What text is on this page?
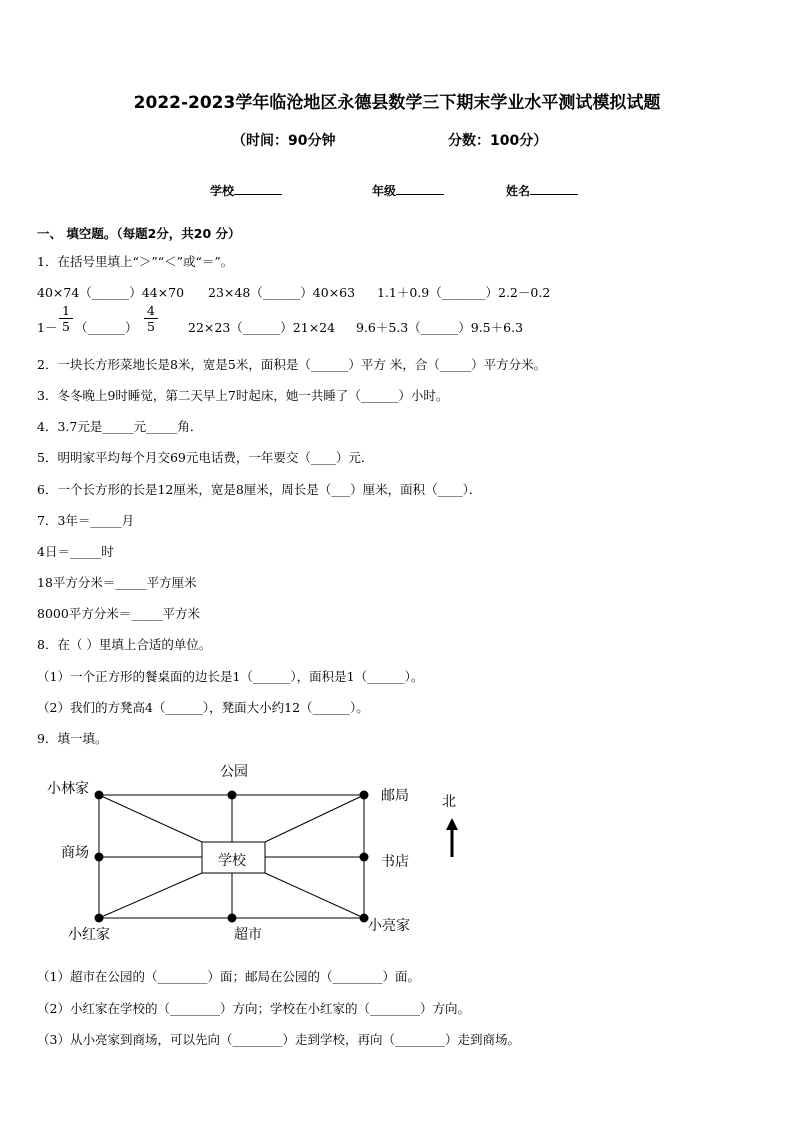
2022-2023学年临沧地区永德县数学三下期末学业水平测试模拟试题
（时间：90分钟	分数：100分）
学校	年级	姓名
一、 填空题。（每题2分，共20 分）
1．在括号里填上“＞”“＜”或“＝”。
40×74（______）44×70 23×48（______）40×63 1.1＋0.9（_______）2.2－0.2
$1- \frac{1}{5}$ （______） $\frac{4}{5}$ 22×23（______）21×24 9.6＋5.3（______）9.5＋6.3
2．一块长方形菜地长是8米，宽是5米，面积是（______）平方 米，合（_____）平方分米。
3．冬冬晚上9时睡觉，第二天早上7时起床，她一共睡了（______）小时。
4．3.7元是_____元_____角．
5．明明家平均每个月交69元电话费，一年要交（____）元．
6．一个长方形的长是12厘米，宽是8厘米，周长是（___）厘米，面积（____）．
7．3年＝_____月
4日＝_____时
18平方分米＝_____平方厘米
8000平方分米＝_____平方米
8．在（ ）里填上合适的单位。
（1）一个正方形的餐桌面的边长是1（______），面积是1（______）。
（2）我们的方凳高4（______），凳面大小约12（______）。
9．填一填。
公园
小林家	邮局 北
商场	学校	书店
小红家	超市
小亮家
（1）超市在公园的（________）面；邮局在公园的（________）面。
（2）小红家在学校的（________）方向；学校在小红家的（________）方向。
（3）从小亮家到商场，可以先向（________）走到学校，再向（________）走到商场。
